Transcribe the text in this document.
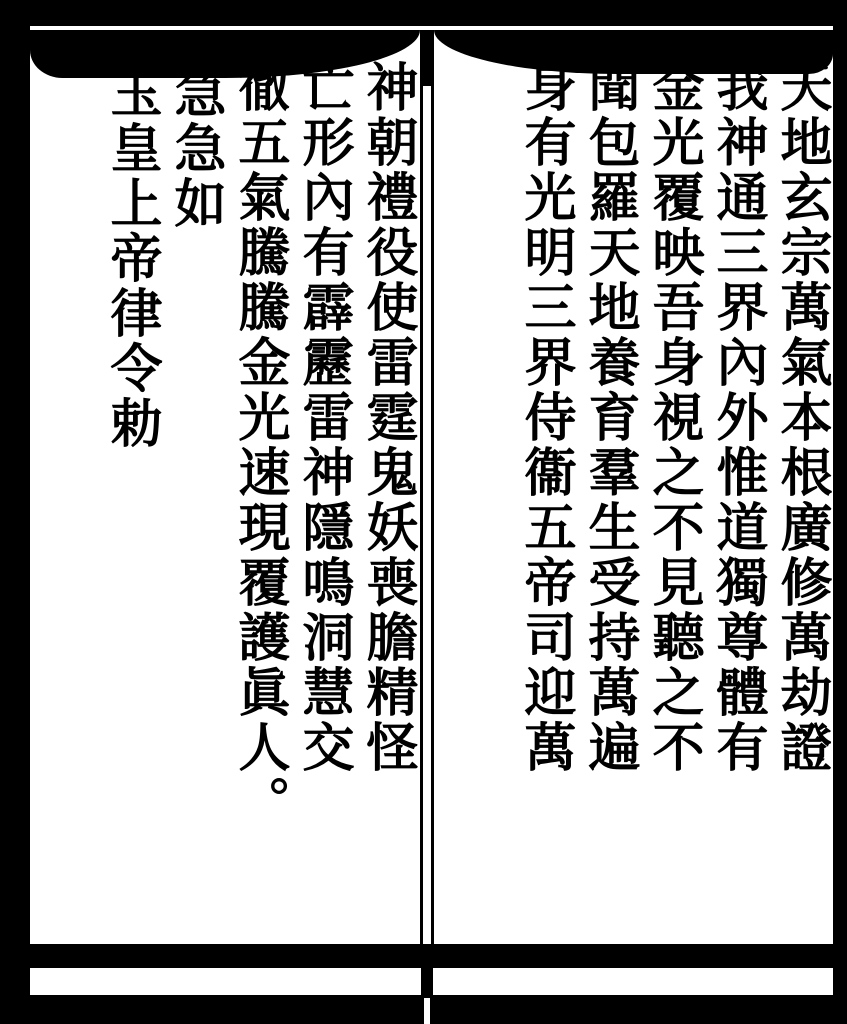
天地玄宗萬氣本根廣修萬劫證
我神通三界內外惟道獨尊體有
金光覆映吾身視之不見聽之不
聞包羅天地養育羣生受持萬遍
身有光明三界侍衞五帝司迎萬
神朝禮役使雷霆鬼妖喪膽精怪
亡形內有霹靂雷神隱鳴洞慧交
徹五氣騰騰金光速現覆護眞人。
急急如
玉皇上帝律令勅
